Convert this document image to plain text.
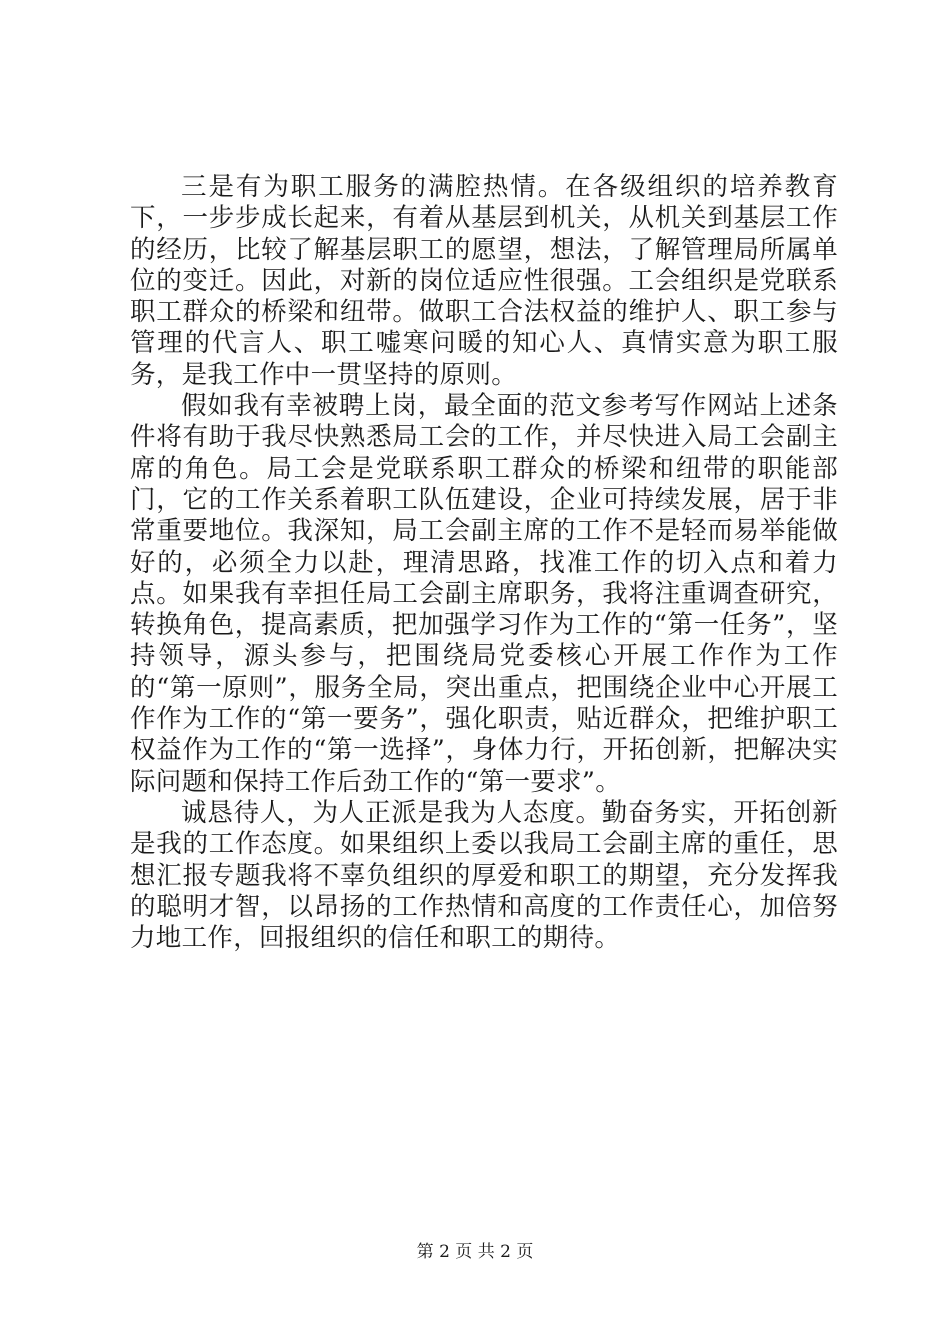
三是有为职工服务的满腔热情。在各级组织的培养教育下，一步步成长起来，有着从基层到机关，从机关到基层工作的经历，比较了解基层职工的愿望，想法，了解管理局所属单位的变迁。因此，对新的岗位适应性很强。工会组织是党联系职工群众的桥梁和纽带。做职工合法权益的维护人、职工参与管理的代言人、职工嘘寒问暖的知心人、真情实意为职工服务，是我工作中一贯坚持的原则。

假如我有幸被聘上岗，最全面的范文参考写作网站上述条件将有助于我尽快熟悉局工会的工作，并尽快进入局工会副主席的角色。局工会是党联系职工群众的桥梁和纽带的职能部门，它的工作关系着职工队伍建设，企业可持续发展，居于非常重要地位。我深知，局工会副主席的工作不是轻而易举能做好的，必须全力以赴，理清思路，找准工作的切入点和着力点。如果我有幸担任局工会副主席职务，我将注重调查研究，转换角色，提高素质，把加强学习作为工作的“第一任务”，坚持领导，源头参与，把围绕局党委核心开展工作作为工作的“第一原则”，服务全局，突出重点，把围绕企业中心开展工作作为工作的“第一要务”，强化职责，贴近群众，把维护职工权益作为工作的“第一选择”，身体力行，开拓创新，把解决实际问题和保持工作后劲工作的“第一要求”。

诚恳待人，为人正派是我为人态度。勤奋务实，开拓创新是我的工作态度。如果组织上委以我局工会副主席的重任，思想汇报专题我将不辜负组织的厚爱和职工的期望，充分发挥我的聪明才智，以昂扬的工作热情和高度的工作责任心，加倍努力地工作，回报组织的信任和职工的期待。

第 2 页 共 2 页
